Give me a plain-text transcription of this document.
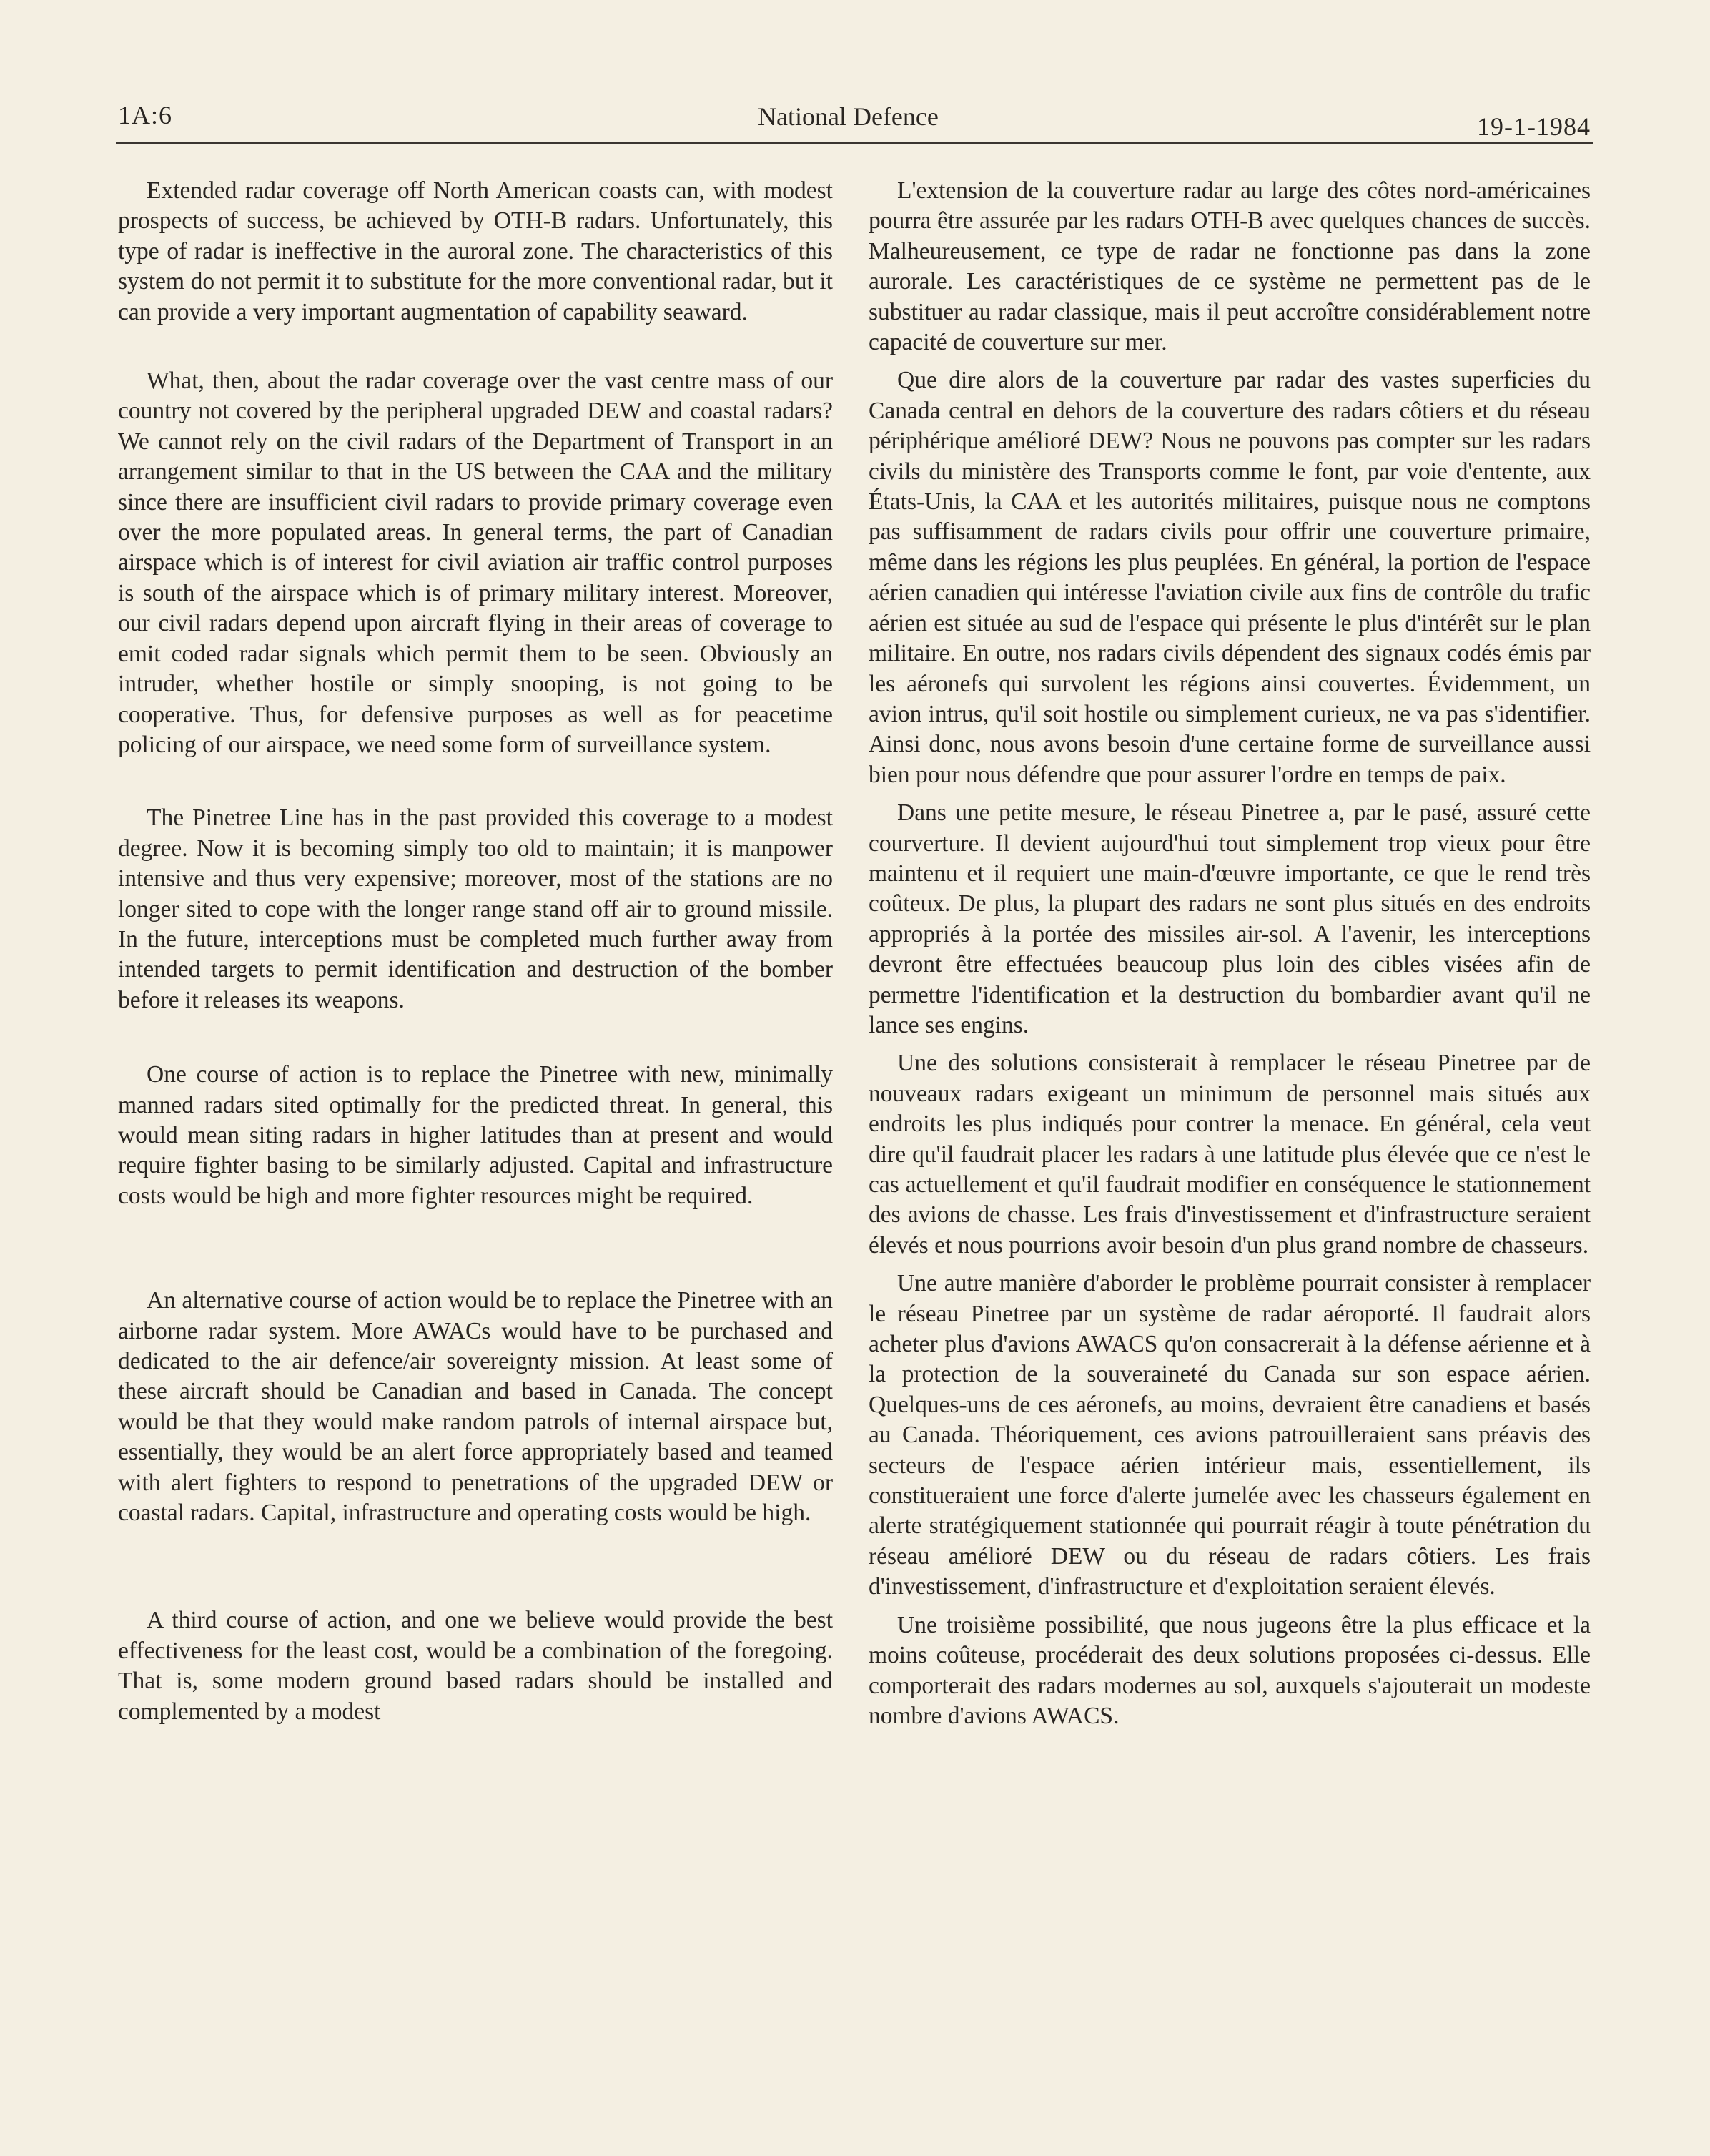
1A:6	National Defence	19-1-1984

Extended radar coverage off North American coasts can, with modest prospects of success, be achieved by OTH-B radars. Unfortunately, this type of radar is ineffective in the auroral zone. The characteristics of this system do not permit it to substitute for the more conventional radar, but it can provide a very important augmentation of capability seaward.

What, then, about the radar coverage over the vast centre mass of our country not covered by the peripheral upgraded DEW and coastal radars? We cannot rely on the civil radars of the Department of Transport in an arrangement similar to that in the US between the CAA and the military since there are insufficient civil radars to provide primary coverage even over the more populated areas. In general terms, the part of Canadian airspace which is of interest for civil aviation air traffic control purposes is south of the airspace which is of primary military interest. Moreover, our civil radars depend upon aircraft flying in their areas of coverage to emit coded radar signals which permit them to be seen. Obviously an intruder, whether hostile or simply snooping, is not going to be cooperative. Thus, for defensive purposes as well as for peacetime policing of our airspace, we need some form of surveillance system.

The Pinetree Line has in the past provided this coverage to a modest degree. Now it is becoming simply too old to maintain; it is manpower intensive and thus very expensive; moreover, most of the stations are no longer sited to cope with the longer range stand off air to ground missile. In the future, interceptions must be completed much further away from intended targets to permit identification and destruction of the bomber before it releases its weapons.

One course of action is to replace the Pinetree with new, minimally manned radars sited optimally for the predicted threat. In general, this would mean siting radars in higher latitudes than at present and would require fighter basing to be similarly adjusted. Capital and infrastructure costs would be high and more fighter resources might be required.

An alternative course of action would be to replace the Pinetree with an airborne radar system. More AWACs would have to be purchased and dedicated to the air defence/air sovereignty mission. At least some of these aircraft should be Canadian and based in Canada. The concept would be that they would make random patrols of internal airspace but, essentially, they would be an alert force appropriately based and teamed with alert fighters to respond to penetrations of the upgraded DEW or coastal radars. Capital, infrastructure and operating costs would be high.

A third course of action, and one we believe would provide the best effectiveness for the least cost, would be a combination of the foregoing. That is, some modern ground based radars should be installed and complemented by a modest

L'extension de la couverture radar au large des côtes nord-américaines pourra être assurée par les radars OTH-B avec quelques chances de succès. Malheureusement, ce type de radar ne fonctionne pas dans la zone aurorale. Les caractéristiques de ce système ne permettent pas de le substituer au radar classique, mais il peut accroître considérablement notre capacité de couverture sur mer.

Que dire alors de la couverture par radar des vastes superficies du Canada central en dehors de la couverture des radars côtiers et du réseau périphérique amélioré DEW? Nous ne pouvons pas compter sur les radars civils du ministère des Transports comme le font, par voie d'entente, aux États-Unis, la CAA et les autorités militaires, puisque nous ne comptons pas suffisamment de radars civils pour offrir une couverture primaire, même dans les régions les plus peuplées. En général, la portion de l'espace aérien canadien qui intéresse l'aviation civile aux fins de contrôle du trafic aérien est située au sud de l'espace qui présente le plus d'intérêt sur le plan militaire. En outre, nos radars civils dépendent des signaux codés émis par les aéronefs qui survolent les régions ainsi couvertes. Évidemment, un avion intrus, qu'il soit hostile ou simplement curieux, ne va pas s'identifier. Ainsi donc, nous avons besoin d'une certaine forme de surveillance aussi bien pour nous défendre que pour assurer l'ordre en temps de paix.

Dans une petite mesure, le réseau Pinetree a, par le pasé, assuré cette courverture. Il devient aujourd'hui tout simplement trop vieux pour être maintenu et il requiert une main-d'œuvre importante, ce que le rend très coûteux. De plus, la plupart des radars ne sont plus situés en des endroits appropriés à la portée des missiles air-sol. A l'avenir, les interceptions devront être effectuées beaucoup plus loin des cibles visées afin de permettre l'identification et la destruction du bombardier avant qu'il ne lance ses engins.

Une des solutions consisterait à remplacer le réseau Pinetree par de nouveaux radars exigeant un minimum de personnel mais situés aux endroits les plus indiqués pour contrer la menace. En général, cela veut dire qu'il faudrait placer les radars à une latitude plus élevée que ce n'est le cas actuellement et qu'il faudrait modifier en conséquence le stationnement des avions de chasse. Les frais d'investissement et d'infrastructure seraient élevés et nous pourrions avoir besoin d'un plus grand nombre de chasseurs.

Une autre manière d'aborder le problème pourrait consister à remplacer le réseau Pinetree par un système de radar aéroporté. Il faudrait alors acheter plus d'avions AWACS qu'on consacrerait à la défense aérienne et à la protection de la souveraineté du Canada sur son espace aérien. Quelques-uns de ces aéronefs, au moins, devraient être canadiens et basés au Canada. Théoriquement, ces avions patrouilleraient sans préavis des secteurs de l'espace aérien intérieur mais, essentiellement, ils constitueraient une force d'alerte jumelée avec les chasseurs également en alerte stratégiquement stationnée qui pourrait réagir à toute pénétration du réseau amélioré DEW ou du réseau de radars côtiers. Les frais d'investissement, d'infrastructure et d'exploitation seraient élevés.

Une troisième possibilité, que nous jugeons être la plus efficace et la moins coûteuse, procéderait des deux solutions proposées ci-dessus. Elle comporterait des radars modernes au sol, auxquels s'ajouterait un modeste nombre d'avions AWACS.
